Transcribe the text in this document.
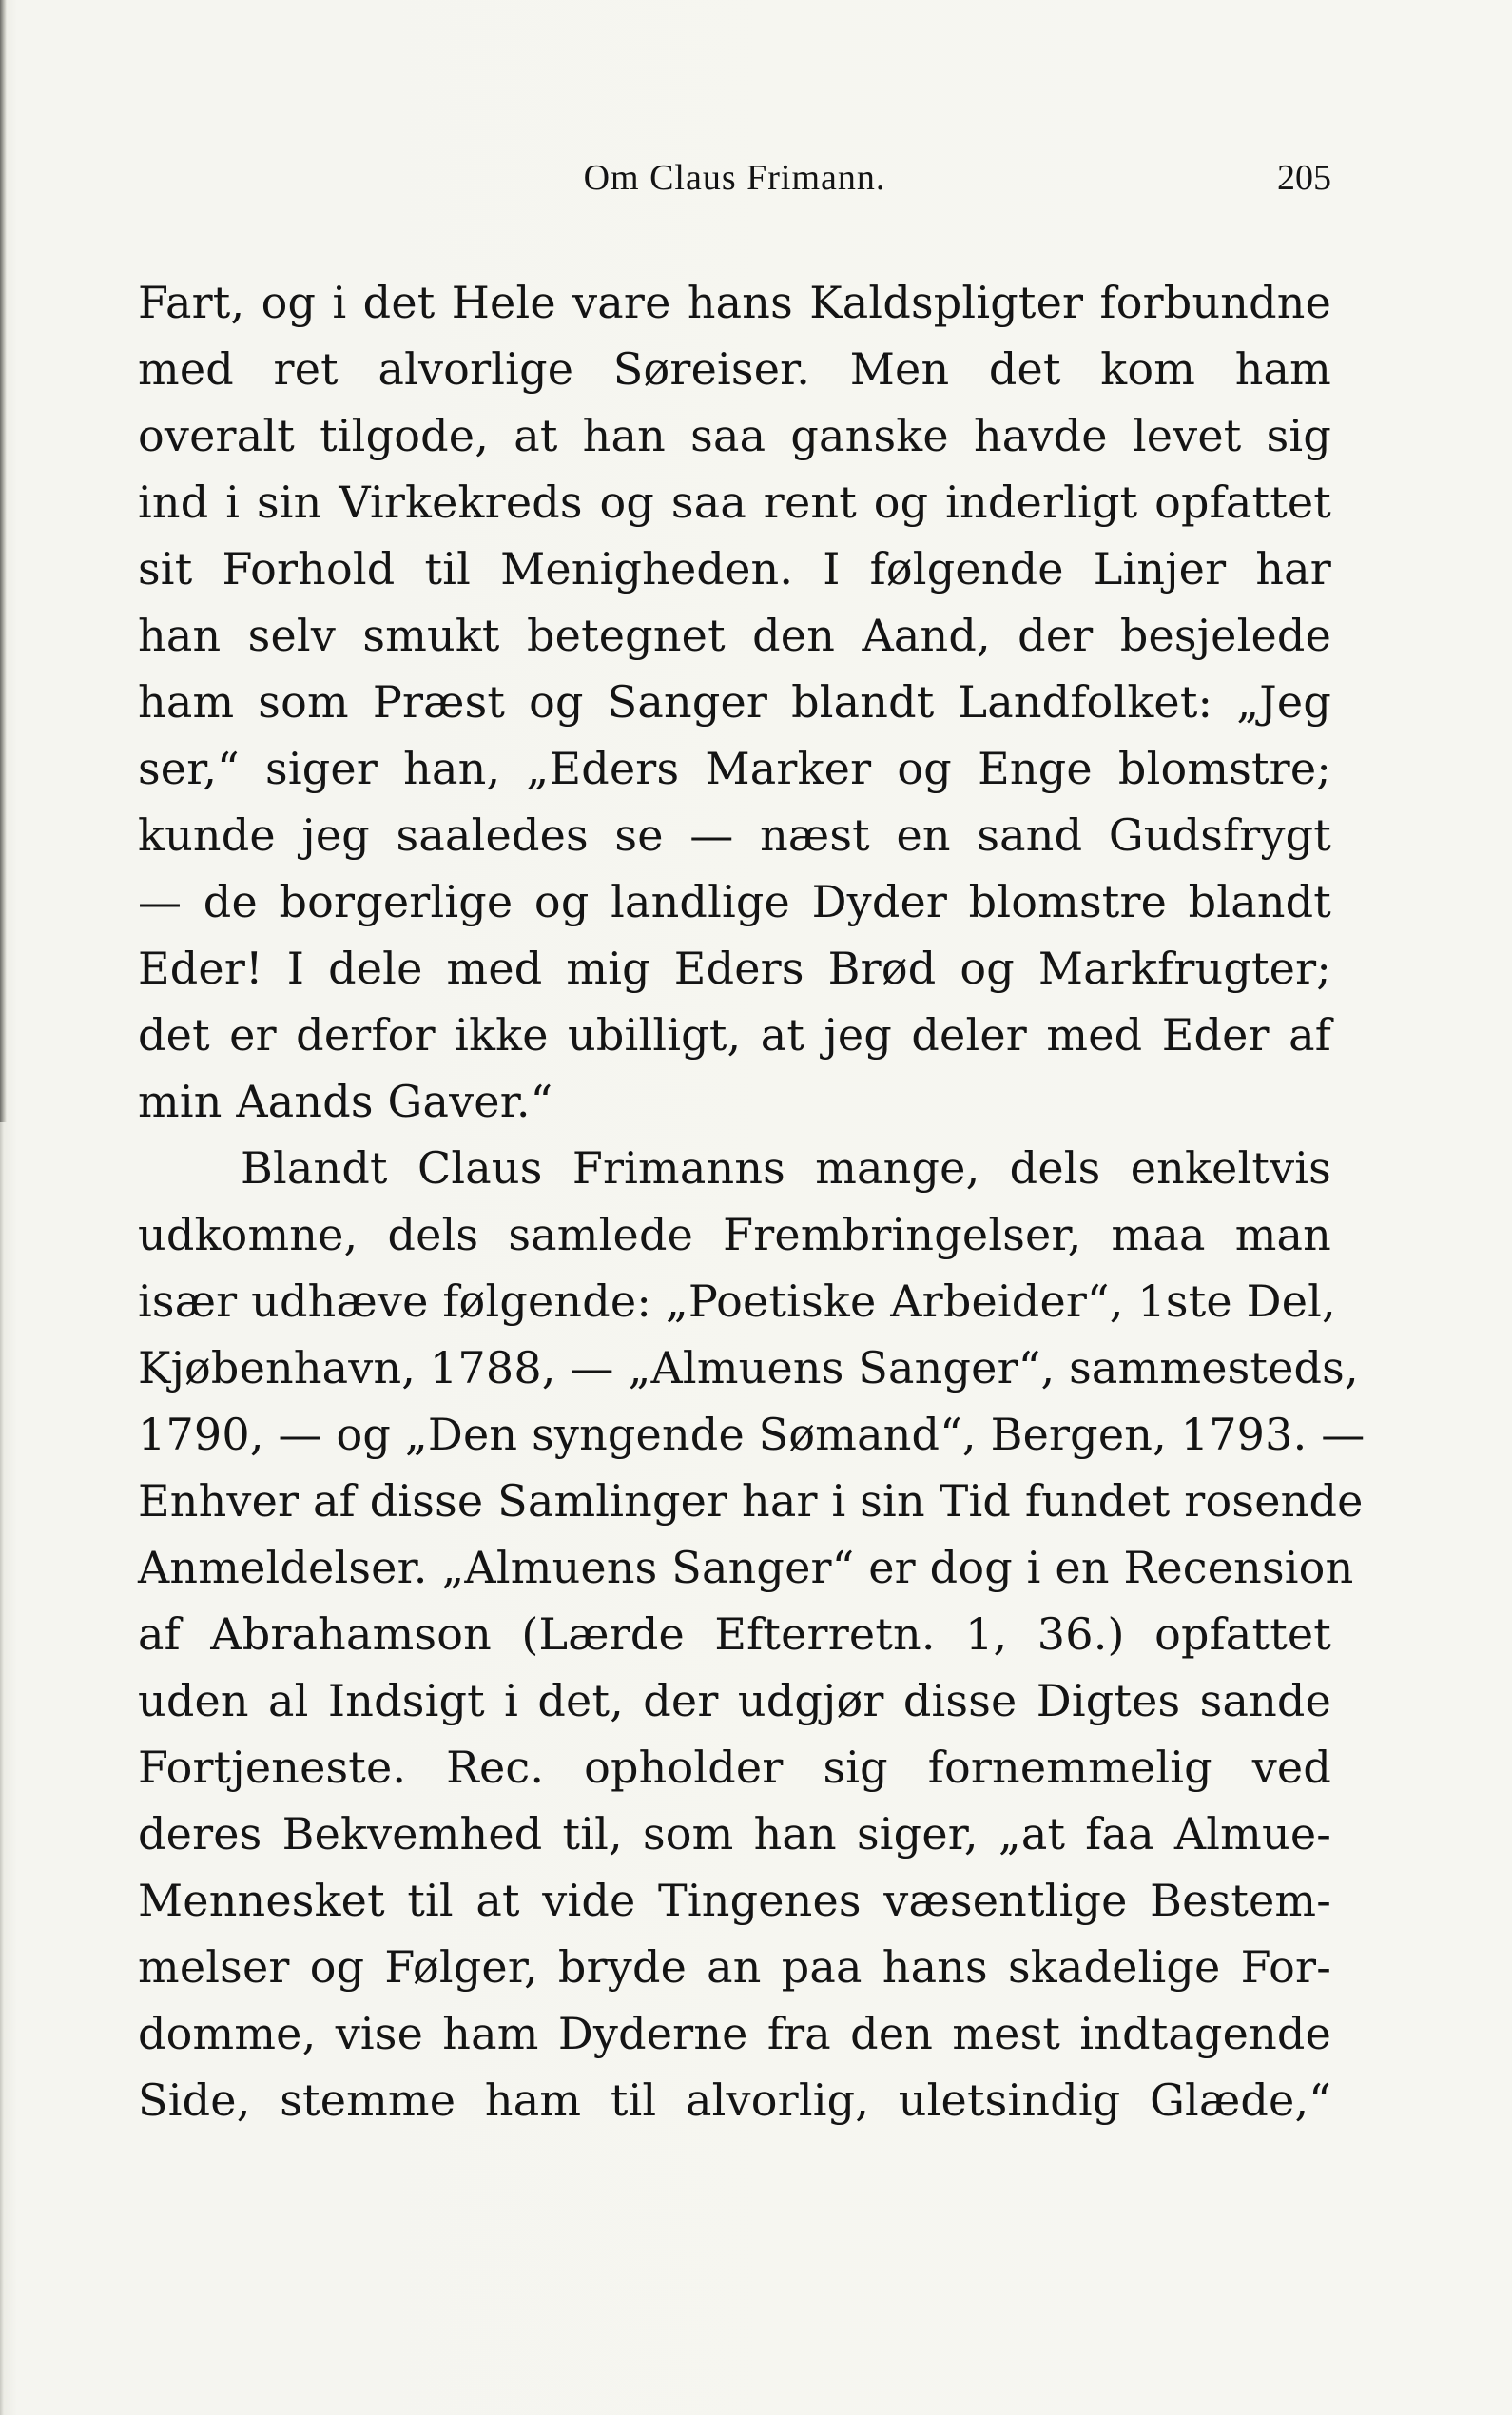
Om Claus Frimann.	205
Fart, og i det Hele vare hans Kaldspligter forbundne
med ret alvorlige Søreiser. Men det kom ham
overalt tilgode, at han saa ganske havde levet sig
ind i sin Virkekreds og saa rent og inderligt opfattet
sit Forhold til Menigheden. I følgende Linjer har
han selv smukt betegnet den Aand, der besjelede
ham som Præst og Sanger blandt Landfolket: „Jeg
ser,“ siger han, „Eders Marker og Enge blomstre;
kunde jeg saaledes se — næst en sand Gudsfrygt
— de borgerlige og landlige Dyder blomstre blandt
Eder! I dele med mig Eders Brød og Markfrugter;
det er derfor ikke ubilligt, at jeg deler med Eder af
min Aands Gaver.“
Blandt Claus Frimanns mange, dels enkeltvis
udkomne, dels samlede Frembringelser, maa man
især udhæve følgende: „Poetiske Arbeider“, 1ste Del,
Kjøbenhavn, 1788, — „Almuens Sanger“, sammesteds,
1790, — og „Den syngende Sømand“, Bergen, 1793. —
Enhver af disse Samlinger har i sin Tid fundet rosende
Anmeldelser. „Almuens Sanger“ er dog i en Recension
af Abrahamson (Lærde Efterretn. 1, 36.) opfattet
uden al Indsigt i det, der udgjør disse Digtes sande
Fortjeneste. Rec. opholder sig fornemmelig ved
deres Bekvemhed til, som han siger, „at faa Almue-
Mennesket til at vide Tingenes væsentlige Bestem-
melser og Følger, bryde an paa hans skadelige For-
domme, vise ham Dyderne fra den mest indtagende
Side, stemme ham til alvorlig, uletsindig Glæde,“
